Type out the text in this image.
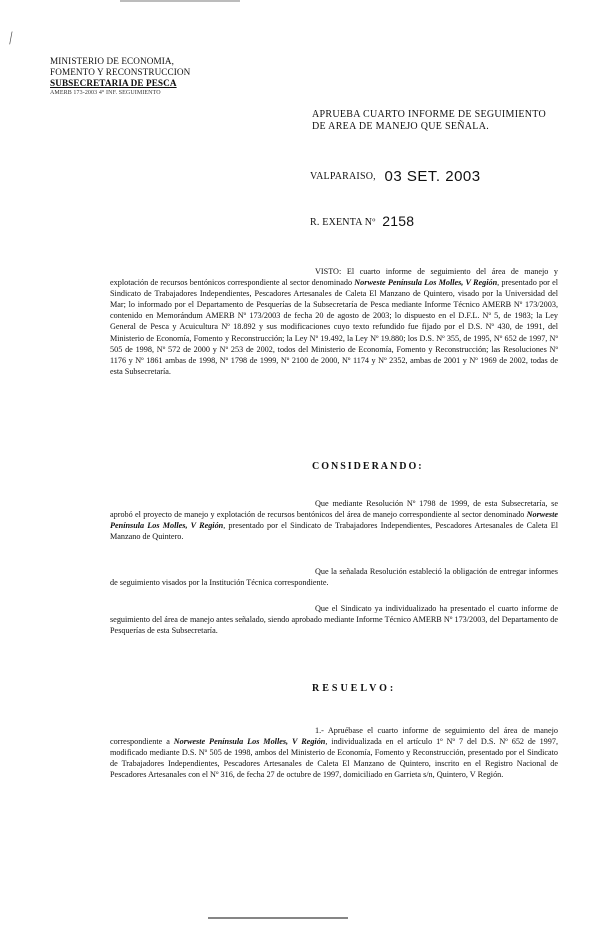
⁄
MINISTERIO DE ECONOMIA,
FOMENTO Y RECONSTRUCCION
SUBSECRETARIA DE PESCA
AMERB 173-2003 4° INF. SEGUIMIENTO
APRUEBA CUARTO INFORME DE SEGUIMIENTO
DE AREA DE MANEJO QUE SEÑALA.
VALPARAISO, 03 SET. 2003
R. EXENTA Nº 2158
VISTO: El cuarto informe de seguimiento del área de manejo y explotación de recursos bentónicos correspondiente al sector denominado Norweste Península Los Molles, V Región, presentado por el Sindicato de Trabajadores Independientes, Pescadores Artesanales de Caleta El Manzano de Quintero, visado por la Universidad del Mar; lo informado por el Departamento de Pesquerías de la Subsecretaría de Pesca mediante Informe Técnico AMERB Nº 173/2003, contenido en Memorándum AMERB Nº 173/2003 de fecha 20 de agosto de 2003; lo dispuesto en el D.F.L. Nº 5, de 1983; la Ley General de Pesca y Acuicultura Nº 18.892 y sus modificaciones cuyo texto refundido fue fijado por el D.S. Nº 430, de 1991, del Ministerio de Economía, Fomento y Reconstrucción; la Ley Nº 19.492, la Ley Nº 19.880; los D.S. Nº 355, de 1995, Nº 652 de 1997, Nº 505 de 1998, Nº 572 de 2000 y Nº 253 de 2002, todos del Ministerio de Economía, Fomento y Reconstrucción; las Resoluciones Nº 1176 y Nº 1861 ambas de 1998, Nº 1798 de 1999, Nº 2100 de 2000, Nº 1174 y Nº 2352, ambas de 2001 y Nº 1969 de 2002, todas de esta Subsecretaría.
CONSIDERANDO:
Que mediante Resolución Nº 1798 de 1999, de esta Subsecretaría, se aprobó el proyecto de manejo y explotación de recursos bentónicos del área de manejo correspondiente al sector denominado Norweste Península Los Molles, V Región, presentado por el Sindicato de Trabajadores Independientes, Pescadores Artesanales de Caleta El Manzano de Quintero.
Que la señalada Resolución estableció la obligación de entregar informes de seguimiento visados por la Institución Técnica correspondiente.
Que el Sindicato ya individualizado ha presentado el cuarto informe de seguimiento del área de manejo antes señalado, siendo aprobado mediante Informe Técnico AMERB Nº 173/2003, del Departamento de Pesquerías de esta Subsecretaría.
RESUELVO:
1.- Apruébase el cuarto informe de seguimiento del área de manejo correspondiente a Norweste Península Los Molles, V Región, individualizada en el artículo 1º Nº 7 del D.S. Nº 652 de 1997, modificado mediante D.S. Nº 505 de 1998, ambos del Ministerio de Economía, Fomento y Reconstrucción, presentado por el Sindicato de Trabajadores Independientes, Pescadores Artesanales de Caleta El Manzano de Quintero, inscrito en el Registro Nacional de Pescadores Artesanales con el Nº 316, de fecha 27 de octubre de 1997, domiciliado en Garrieta s/n, Quintero, V Región.
